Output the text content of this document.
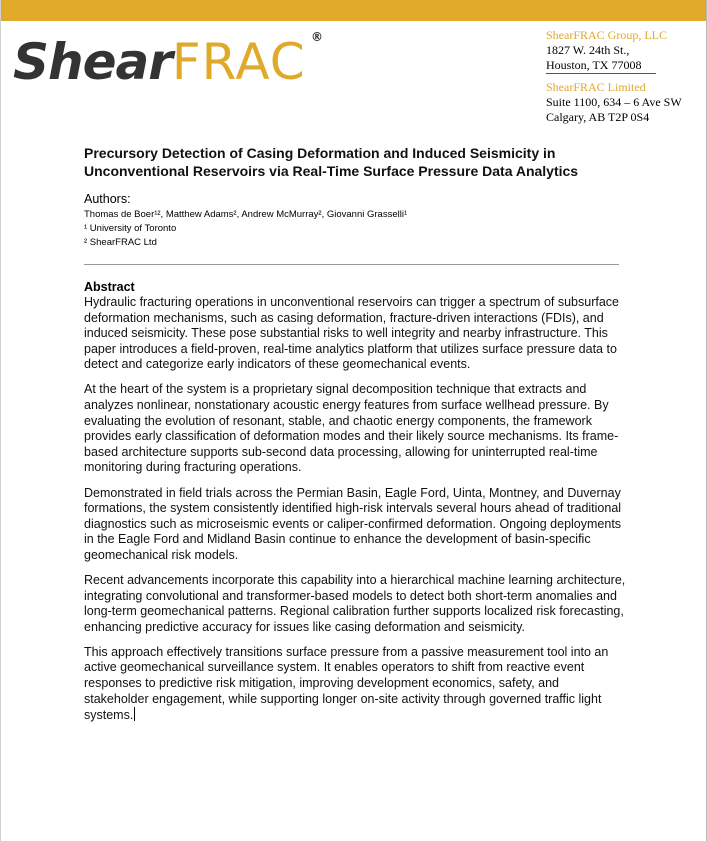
ShearFRAC ®	ShearFRAC Group, LLC
1827 W. 24th St.,
Houston, TX 77008
ShearFRAC Limited
Suite 1100, 634 – 6 Ave SW
Calgary, AB T2P 0S4
Precursory Detection of Casing Deformation and Induced Seismicity in Unconventional Reservoirs via Real-Time Surface Pressure Data Analytics
Authors:
Thomas de Boer¹², Matthew Adams², Andrew McMurray², Giovanni Grasselli¹
¹ University of Toronto
² ShearFRAC Ltd
Abstract

Hydraulic fracturing operations in unconventional reservoirs can trigger a spectrum of subsurface deformation mechanisms, such as casing deformation, fracture-driven interactions (FDIs), and induced seismicity. These pose substantial risks to well integrity and nearby infrastructure. This paper introduces a field-proven, real-time analytics platform that utilizes surface pressure data to detect and categorize early indicators of these geomechanical events.

At the heart of the system is a proprietary signal decomposition technique that extracts and analyzes nonlinear, nonstationary acoustic energy features from surface wellhead pressure. By evaluating the evolution of resonant, stable, and chaotic energy components, the framework provides early classification of deformation modes and their likely source mechanisms. Its frame-based architecture supports sub-second data processing, allowing for uninterrupted real-time monitoring during fracturing operations.

Demonstrated in field trials across the Permian Basin, Eagle Ford, Uinta, Montney, and Duvernay formations, the system consistently identified high-risk intervals several hours ahead of traditional diagnostics such as microseismic events or caliper-confirmed deformation. Ongoing deployments in the Eagle Ford and Midland Basin continue to enhance the development of basin-specific geomechanical risk models.

Recent advancements incorporate this capability into a hierarchical machine learning architecture, integrating convolutional and transformer-based models to detect both short-term anomalies and long-term geomechanical patterns. Regional calibration further supports localized risk forecasting, enhancing predictive accuracy for issues like casing deformation and seismicity.

This approach effectively transitions surface pressure from a passive measurement tool into an active geomechanical surveillance system. It enables operators to shift from reactive event responses to predictive risk mitigation, improving development economics, safety, and stakeholder engagement, while supporting longer on-site activity through governed traffic light systems.
